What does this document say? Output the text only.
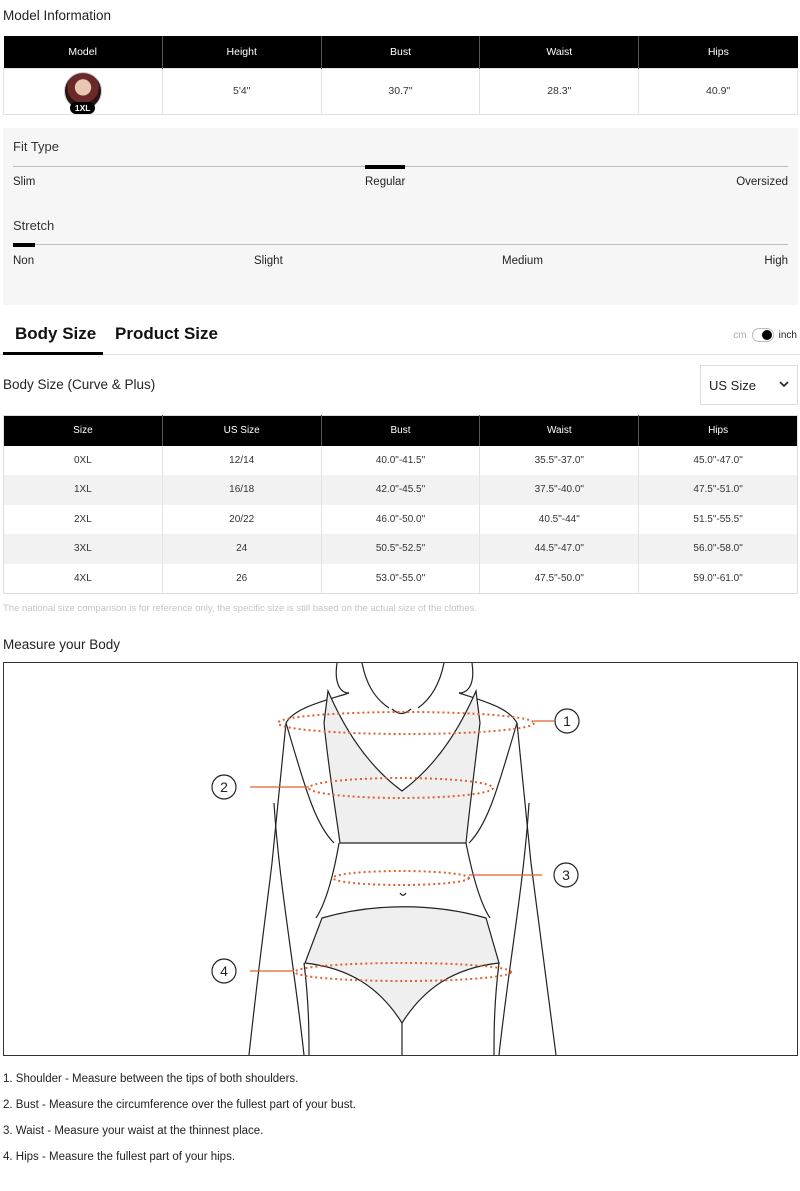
Model Information
Model	Height	Bust	Waist	Hips

1XL	5'4"	30.7"	28.3"	40.9"
Fit Type
Slim	Regular	Oversized
Stretch
Non	Slight	Medium	High
Body Size Product Size	cm	inch
Body Size (Curve & Plus)	US Size
Size	US Size	Bust	Waist	Hips
0XL	12/14	40.0"-41.5"	35.5"-37.0"	45.0"-47.0"
1XL	16/18	42.0"-45.5"	37.5"-40.0"	47.5"-51.0"
2XL	20/22	46.0"-50.0"	40.5"-44"	51.5"-55.5"
3XL	24	50.5"-52.5"	44.5"-47.0"	56.0"-58.0"
4XL	26	53.0"-55.0"	47.5"-50.0"	59.0"-61.0"
The national size comparison is for reference only, the specific size is still based on the actual size of the clothes.
Measure your Body
1
2
3
4
1. Shoulder - Measure between the tips of both shoulders.
2. Bust - Measure the circumference over the fullest part of your bust.
3. Waist - Measure your waist at the thinnest place.
4. Hips - Measure the fullest part of your hips.
